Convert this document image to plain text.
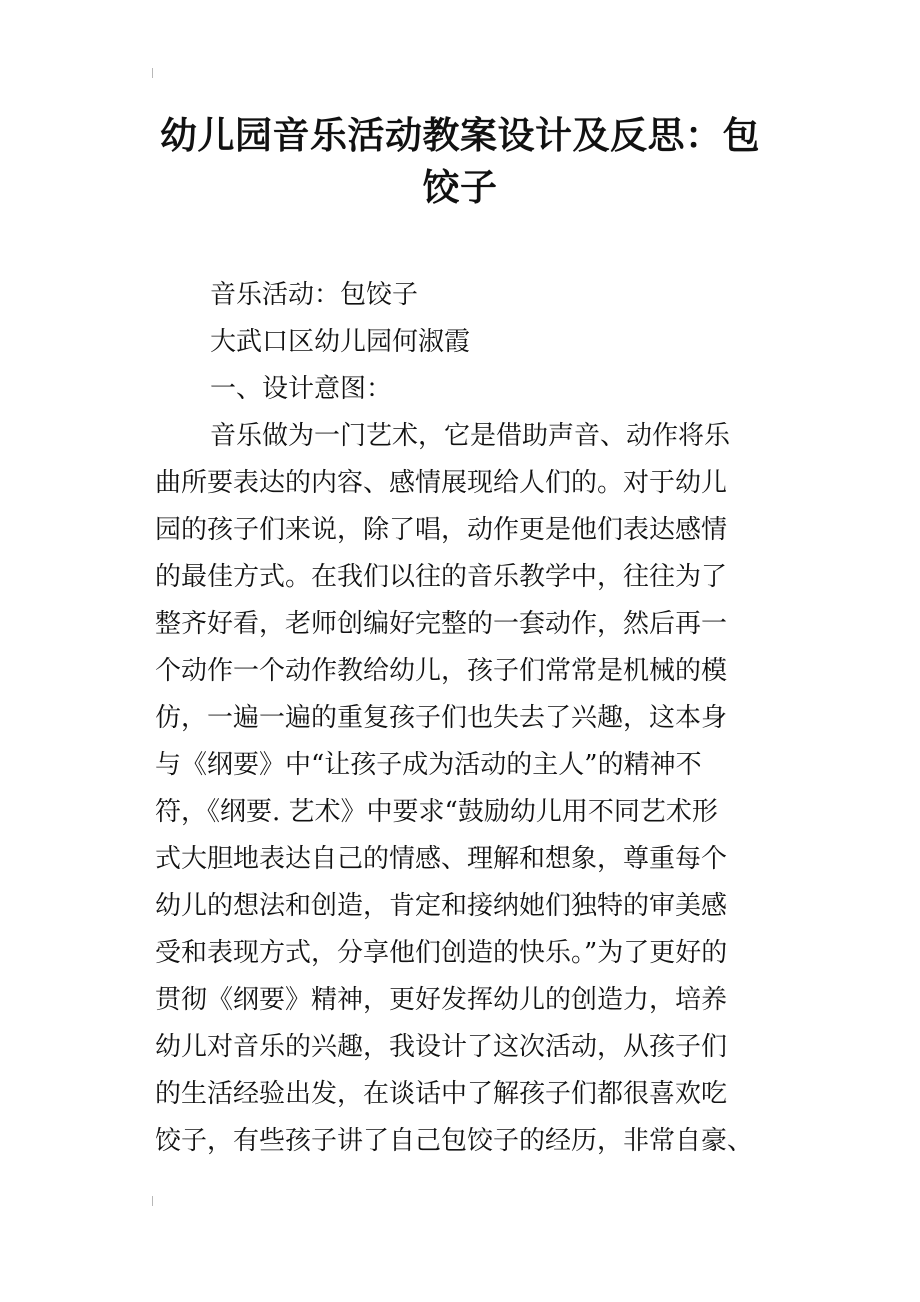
幼儿园音乐活动教案设计及反思：包
饺子
音乐活动：包饺子
大武口区幼儿园何淑霞
一、设计意图：
音乐做为一门艺术，它是借助声音、动作将乐
曲所要表达的内容、感情展现给人们的。对于幼儿
园的孩子们来说，除了唱，动作更是他们表达感情
的最佳方式。在我们以往的音乐教学中，往往为了
整齐好看，老师创编好完整的一套动作，然后再一
个动作一个动作教给幼儿，孩子们常常是机械的模
仿，一遍一遍的重复孩子们也失去了兴趣，这本身
与《纲要》中“让孩子成为活动的主人”的精神不
符，《纲要. 艺术》中要求“鼓励幼儿用不同艺术形
式大胆地表达自己的情感、理解和想象，尊重每个
幼儿的想法和创造，肯定和接纳她们独特的审美感
受和表现方式，分享他们创造的快乐。”为了更好的
贯彻《纲要》精神，更好发挥幼儿的创造力，培养
幼儿对音乐的兴趣，我设计了这次活动，从孩子们
的生活经验出发，在谈话中了解孩子们都很喜欢吃
饺子，有些孩子讲了自己包饺子的经历，非常自豪、
